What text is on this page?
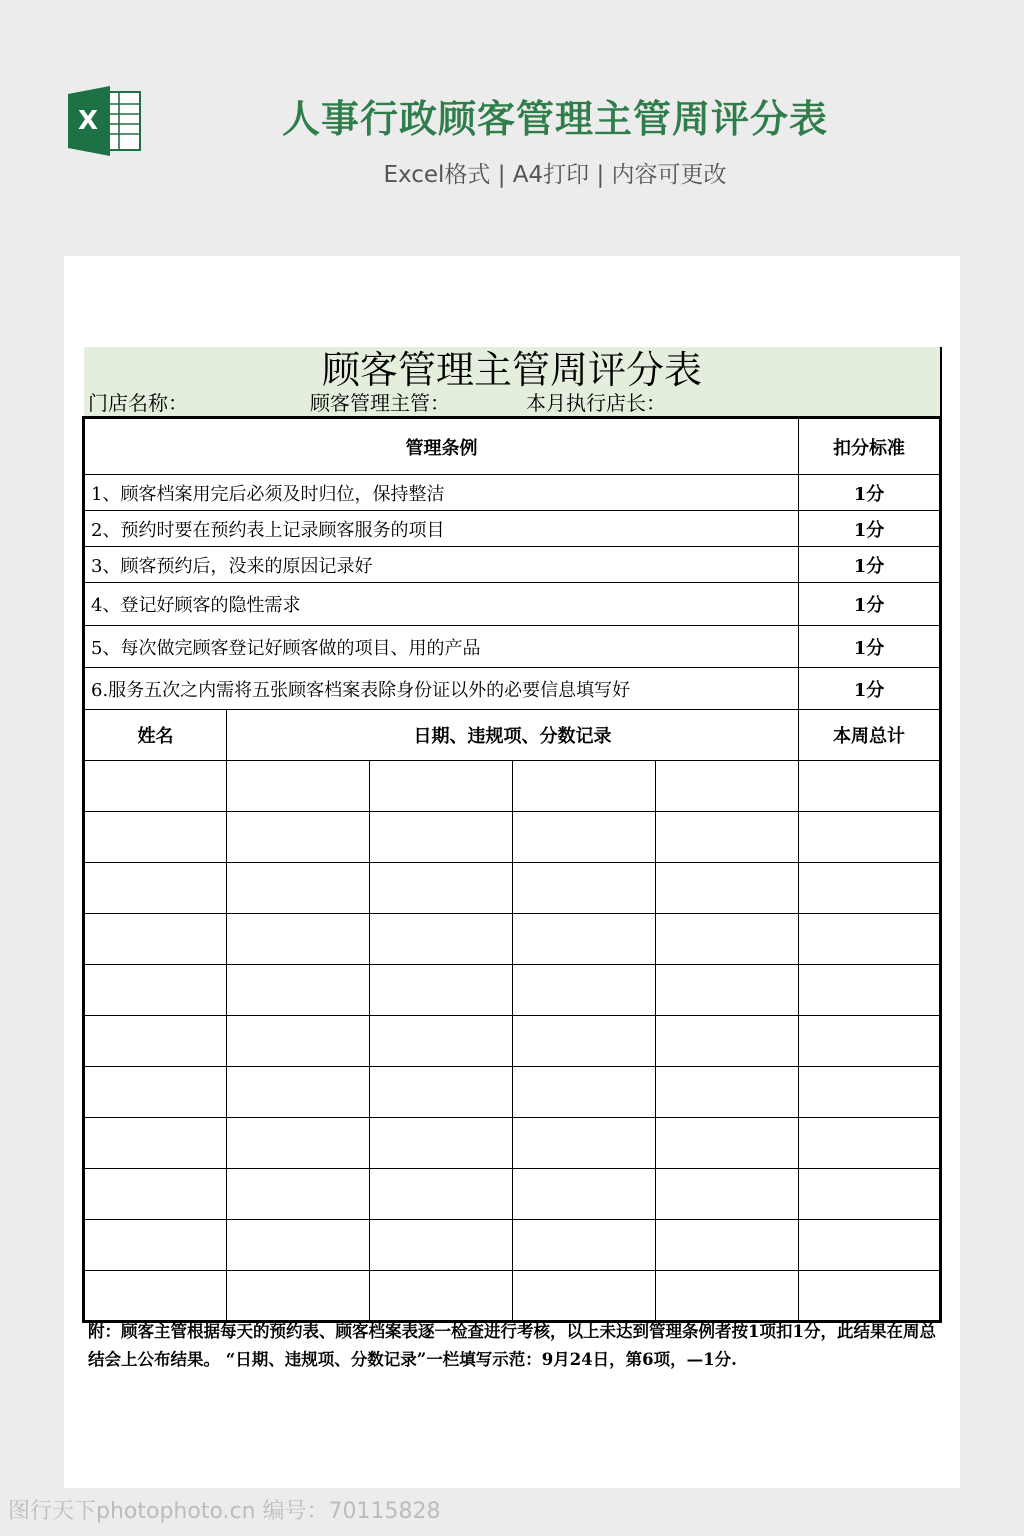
X	人事行政顾客管理主管周评分表
Excel格式 | A4打印 | 内容可更改
顾客管理主管周评分表
门店名称：	顾客管理主管：	本月执行店长：
管理条例					扣分标准
1、顾客档案用完后必须及时归位，保持整洁					1分
2、预约时要在预约表上记录顾客服务的项目					1分
3、顾客预约后，没来的原因记录好					1分
4、登记好顾客的隐性需求					1分
5、每次做完顾客登记好顾客做的项目、用的产品					1分
6.服务五次之内需将五张顾客档案表除身份证以外的必要信息填写好					1分
姓名	日期、违规项、分数记录				本周总计

附：顾客主管根据每天的预约表、顾客档案表逐一检查进行考核，以上未达到管理条例者按1项扣1分，此结果在周总结会上公布结果。 “日期、违规项、分数记录”一栏填写示范：9月24日，第6项，—1分.
图行天下photophoto.cn 编号：70115828
